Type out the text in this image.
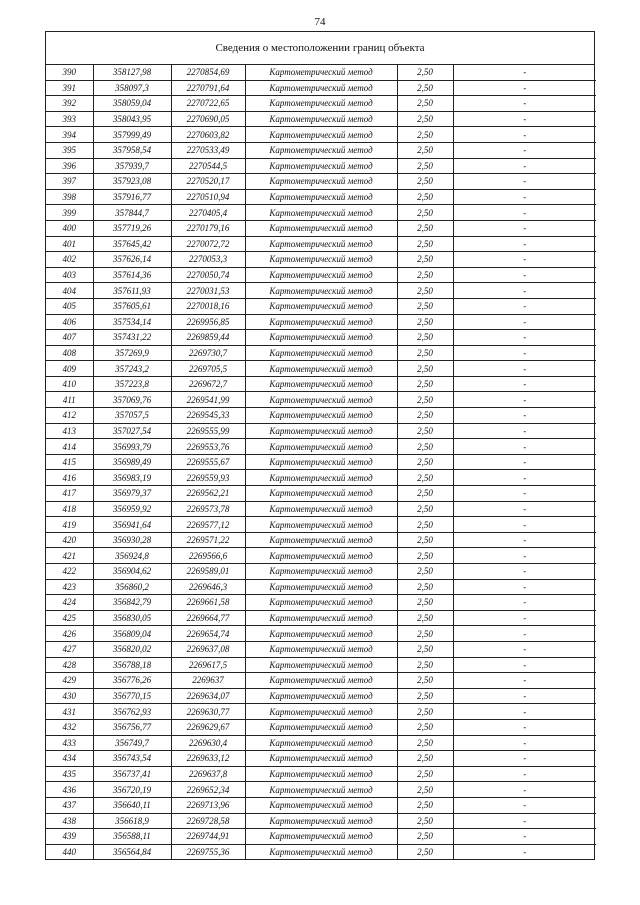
74
Сведения о местоположении границ объекта
390	358127,98	2270854,69	Картометрический метод	2,50	-
391	358097,3	2270791,64	Картометрический метод	2,50	-
392	358059,04	2270722,65	Картометрический метод	2,50	-
393	358043,95	2270690,05	Картометрический метод	2,50	-
394	357999,49	2270603,82	Картометрический метод	2,50	-
395	357958,54	2270533,49	Картометрический метод	2,50	-
396	357939,7	2270544,5	Картометрический метод	2,50	-
397	357923,08	2270520,17	Картометрический метод	2,50	-
398	357916,77	2270510,94	Картометрический метод	2,50	-
399	357844,7	2270405,4	Картометрический метод	2,50	-
400	357719,26	2270179,16	Картометрический метод	2,50	-
401	357645,42	2270072,72	Картометрический метод	2,50	-
402	357626,14	2270053,3	Картометрический метод	2,50	-
403	357614,36	2270050,74	Картометрический метод	2,50	-
404	357611,93	2270031,53	Картометрический метод	2,50	-
405	357605,61	2270018,16	Картометрический метод	2,50	-
406	357534,14	2269956,85	Картометрический метод	2,50	-
407	357431,22	2269859,44	Картометрический метод	2,50	-
408	357269,9	2269730,7	Картометрический метод	2,50	-
409	357243,2	2269705,5	Картометрический метод	2,50	-
410	357223,8	2269672,7	Картометрический метод	2,50	-
411	357069,76	2269541,99	Картометрический метод	2,50	-
412	357057,5	2269545,33	Картометрический метод	2,50	-
413	357027,54	2269555,99	Картометрический метод	2,50	-
414	356993,79	2269553,76	Картометрический метод	2,50	-
415	356989,49	2269555,67	Картометрический метод	2,50	-
416	356983,19	2269559,93	Картометрический метод	2,50	-
417	356979,37	2269562,21	Картометрический метод	2,50	-
418	356959,92	2269573,78	Картометрический метод	2,50	-
419	356941,64	2269577,12	Картометрический метод	2,50	-
420	356930,28	2269571,22	Картометрический метод	2,50	-
421	356924,8	2269566,6	Картометрический метод	2,50	-
422	356904,62	2269589,01	Картометрический метод	2,50	-
423	356860,2	2269646,3	Картометрический метод	2,50	-
424	356842,79	2269661,58	Картометрический метод	2,50	-
425	356830,05	2269664,77	Картометрический метод	2,50	-
426	356809,04	2269654,74	Картометрический метод	2,50	-
427	356820,02	2269637,08	Картометрический метод	2,50	-
428	356788,18	2269617,5	Картометрический метод	2,50	-
429	356776,26	2269637	Картометрический метод	2,50	-
430	356770,15	2269634,07	Картометрический метод	2,50	-
431	356762,93	2269630,77	Картометрический метод	2,50	-
432	356756,77	2269629,67	Картометрический метод	2,50	-
433	356749,7	2269630,4	Картометрический метод	2,50	-
434	356743,54	2269633,12	Картометрический метод	2,50	-
435	356737,41	2269637,8	Картометрический метод	2,50	-
436	356720,19	2269652,34	Картометрический метод	2,50	-
437	356640,11	2269713,96	Картометрический метод	2,50	-
438	356618,9	2269728,58	Картометрический метод	2,50	-
439	356588,11	2269744,91	Картометрический метод	2,50	-
440	356564,84	2269755,36	Картометрический метод	2,50	-
